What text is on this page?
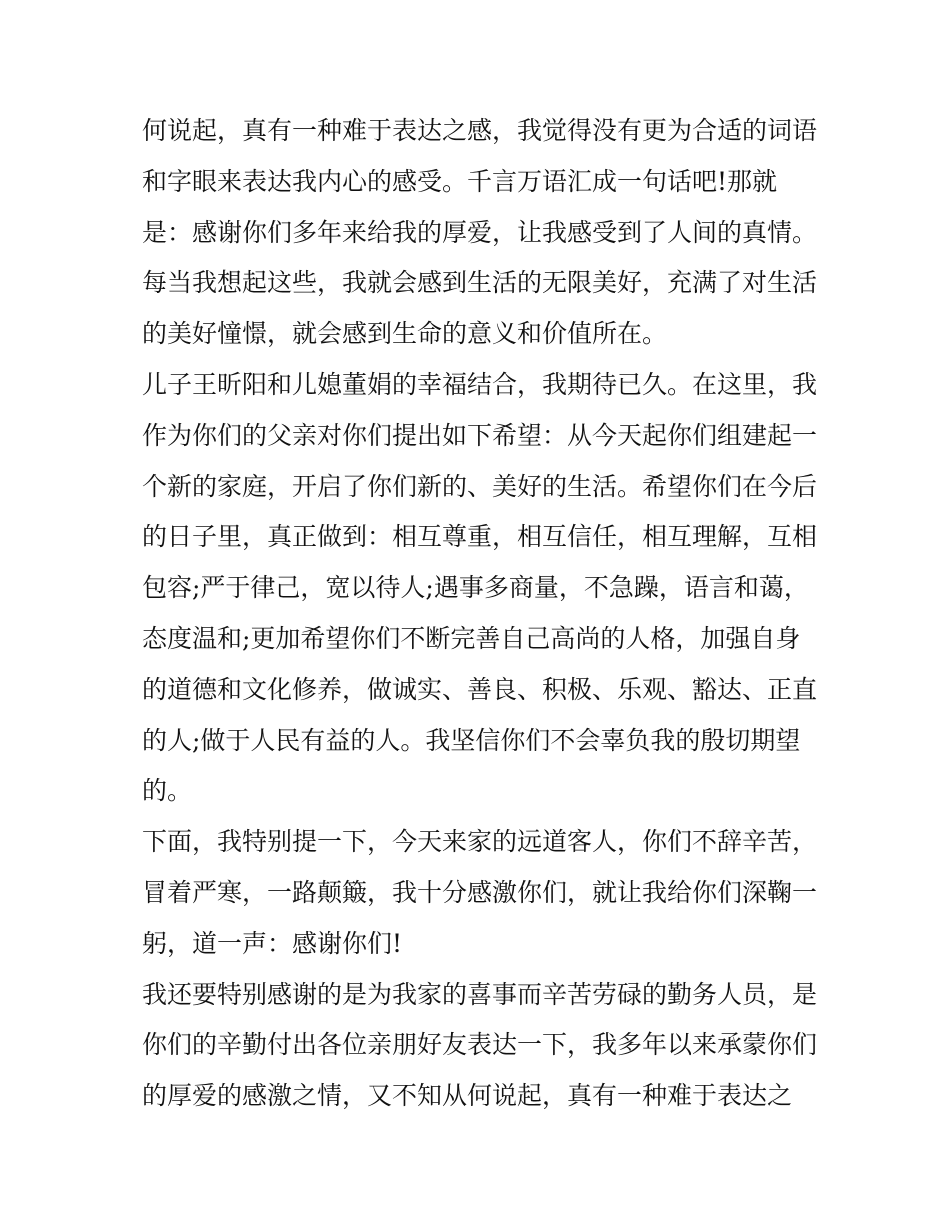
何说起，真有一种难于表达之感，我觉得没有更为合适的词语
和字眼来表达我内心的感受。千言万语汇成一句话吧!那就
是：感谢你们多年来给我的厚爱，让我感受到了人间的真情。
每当我想起这些，我就会感到生活的无限美好，充满了对生活
的美好憧憬，就会感到生命的意义和价值所在。
儿子王昕阳和儿媳董娟的幸福结合，我期待已久。在这里，我
作为你们的父亲对你们提出如下希望：从今天起你们组建起一
个新的家庭，开启了你们新的、美好的生活。希望你们在今后
的日子里，真正做到：相互尊重，相互信任，相互理解，互相
包容;严于律己，宽以待人;遇事多商量，不急躁，语言和蔼，
态度温和;更加希望你们不断完善自己高尚的人格，加强自身
的道德和文化修养，做诚实、善良、积极、乐观、豁达、正直
的人;做于人民有益的人。我坚信你们不会辜负我的殷切期望
的。
下面，我特别提一下，今天来家的远道客人，你们不辞辛苦，
冒着严寒，一路颠簸，我十分感激你们，就让我给你们深鞠一
躬，道一声：感谢你们!
我还要特别感谢的是为我家的喜事而辛苦劳碌的勤务人员，是
你们的辛勤付出各位亲朋好友表达一下，我多年以来承蒙你们
的厚爱的感激之情，又不知从何说起，真有一种难于表达之
